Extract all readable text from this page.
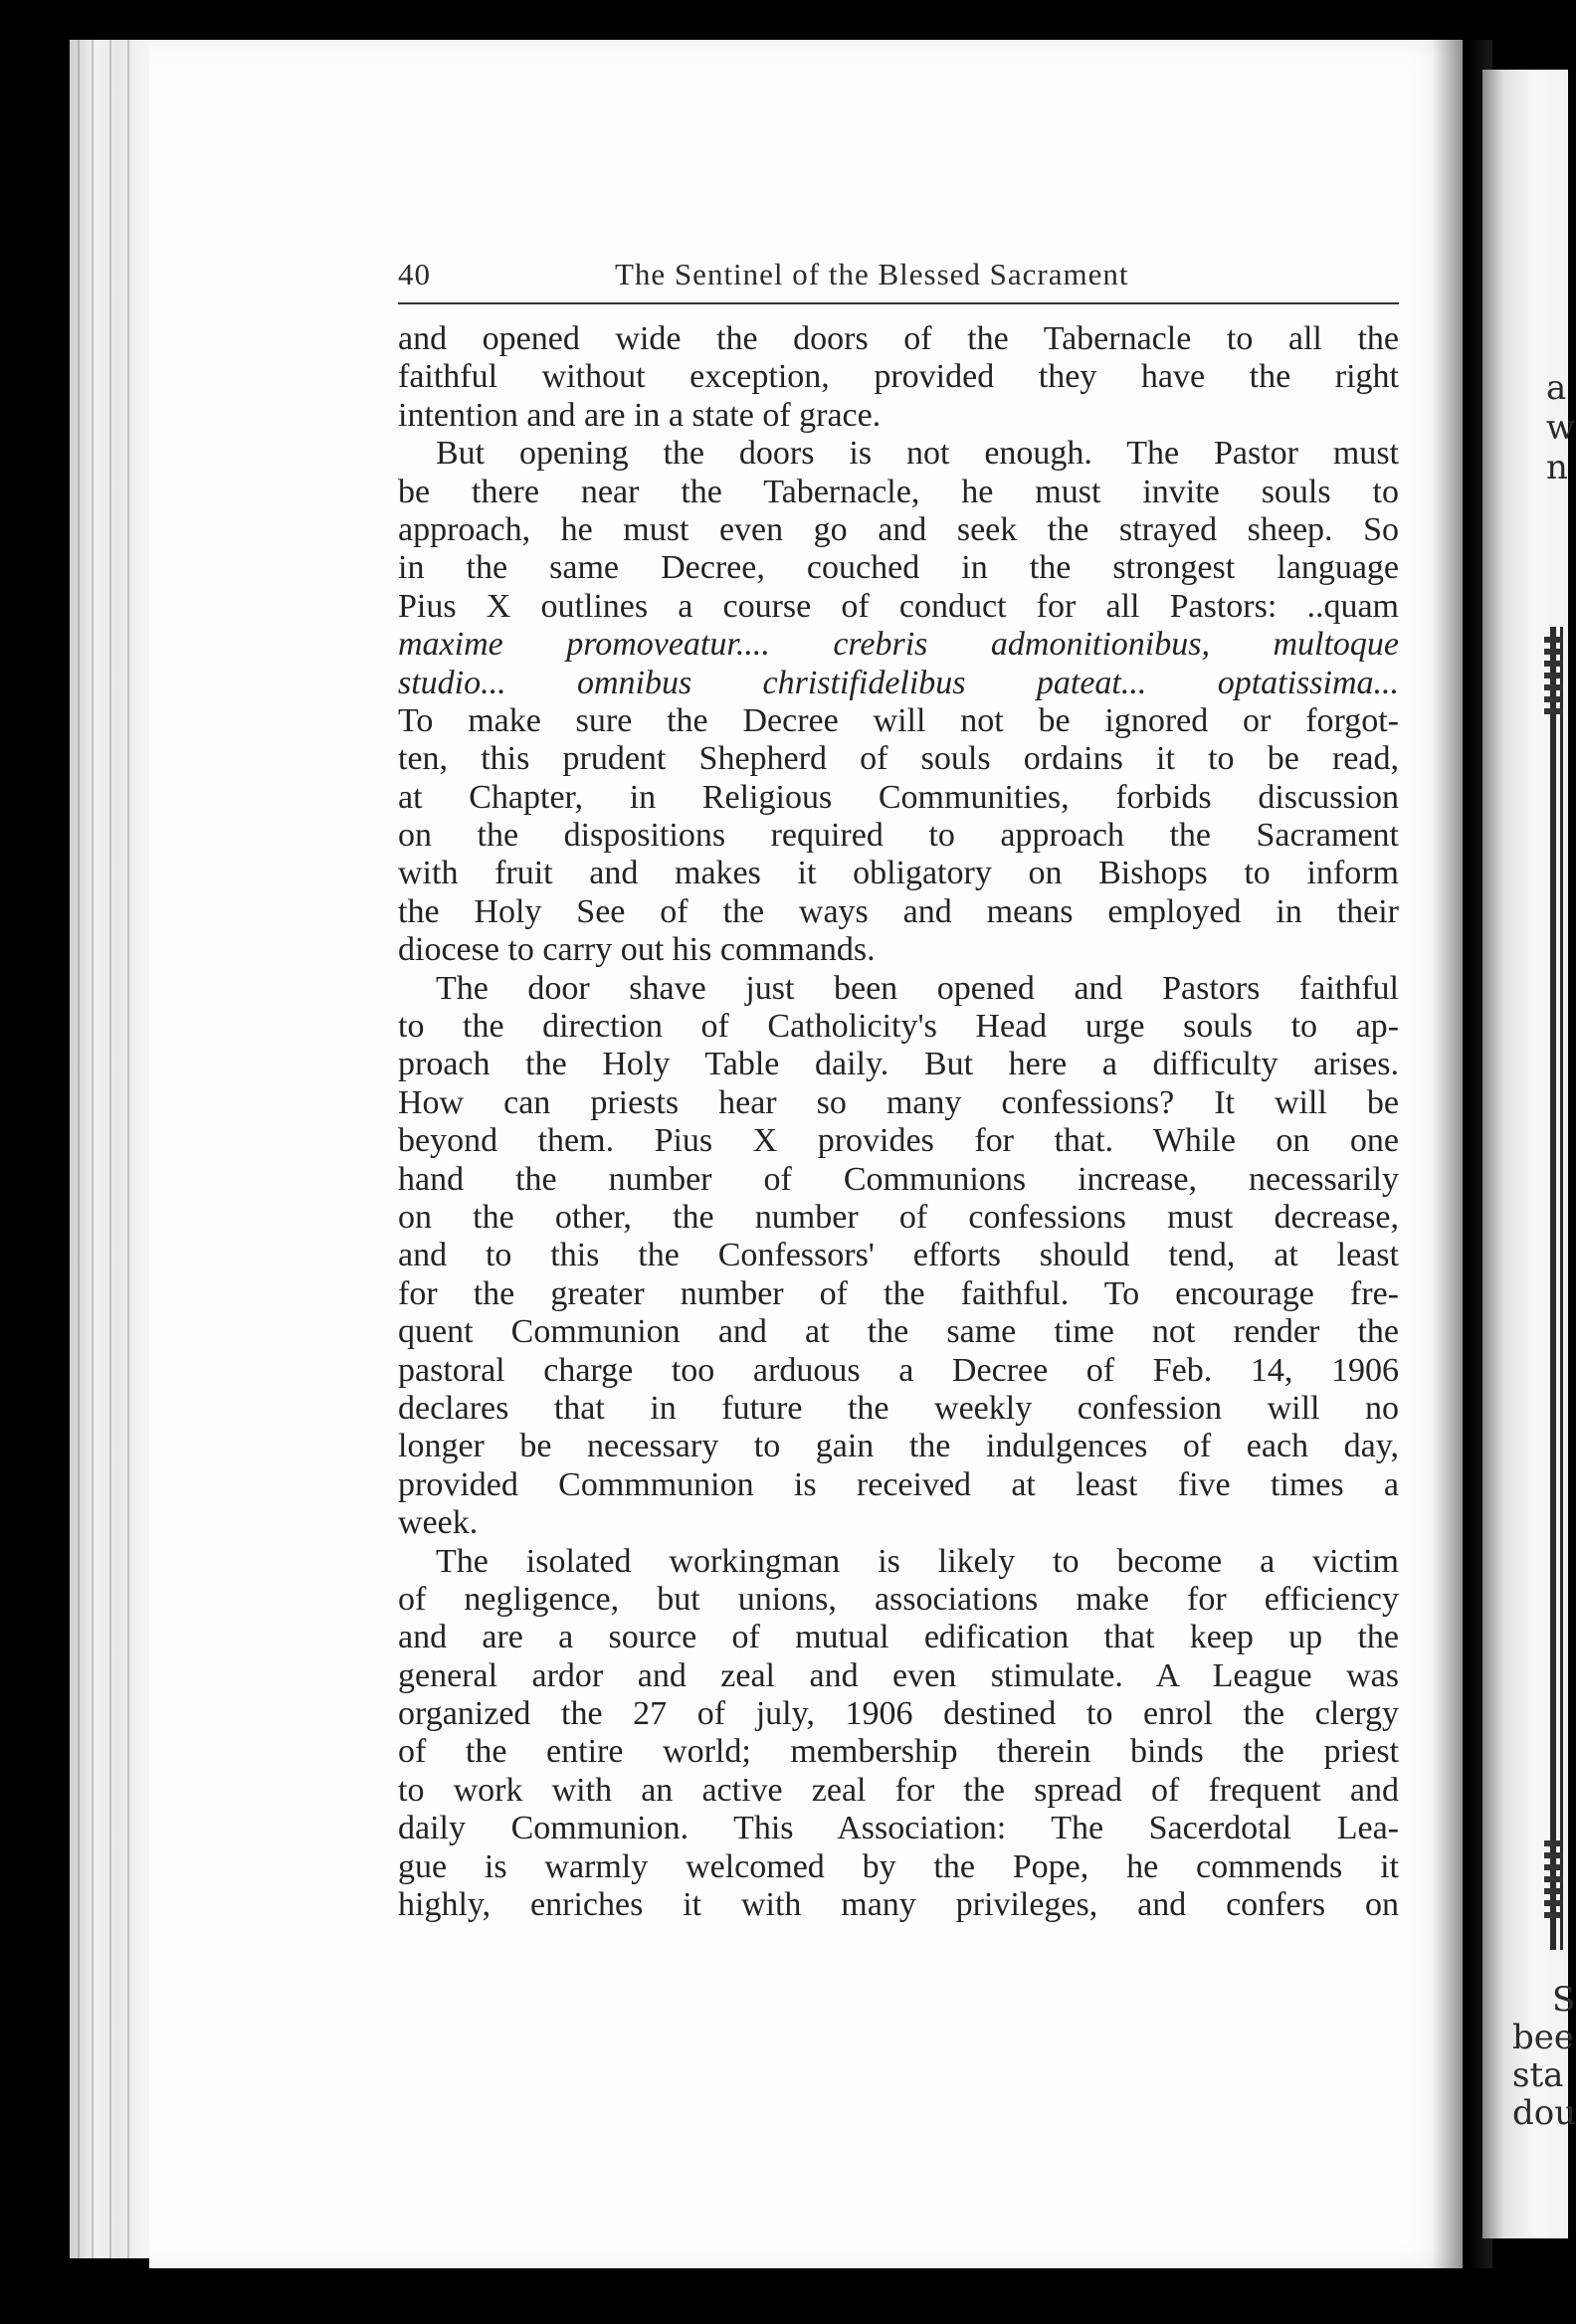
a
w
n
S
bee
sta
dou
40	The Sentinel of the Blessed Sacrament
and opened wide the doors of the Tabernacle to all the
faithful without exception, provided they have the right
intention and are in a state of grace.
But opening the doors is not enough. The Pastor must
be there near the Tabernacle, he must invite souls to
approach, he must even go and seek the strayed sheep. So
in the same Decree, couched in the strongest language
Pius X outlines a course of conduct for all Pastors: ..quam
maxime promoveatur.... crebris admonitionibus, multoque
studio... omnibus christifidelibus pateat... optatissima...
To make sure the Decree will not be ignored or forgot-
ten, this prudent Shepherd of souls ordains it to be read,
at Chapter, in Religious Communities, forbids discussion
on the dispositions required to approach the Sacrament
with fruit and makes it obligatory on Bishops to inform
the Holy See of the ways and means employed in their
diocese to carry out his commands.
The door shave just been opened and Pastors faithful
to the direction of Catholicity's Head urge souls to ap-
proach the Holy Table daily. But here a difficulty arises.
How can priests hear so many confessions? It will be
beyond them. Pius X provides for that. While on one
hand the number of Communions increase, necessarily
on the other, the number of confessions must decrease,
and to this the Confessors' efforts should tend, at least
for the greater number of the faithful. To encourage fre-
quent Communion and at the same time not render the
pastoral charge too arduous a Decree of Feb. 14, 1906
declares that in future the weekly confession will no
longer be necessary to gain the indulgences of each day,
provided Commmunion is received at least five times a
week.
The isolated workingman is likely to become a victim
of negligence, but unions, associations make for efficiency
and are a source of mutual edification that keep up the
general ardor and zeal and even stimulate. A League was
organized the 27 of july, 1906 destined to enrol the clergy
of the entire world; membership therein binds the priest
to work with an active zeal for the spread of frequent and
daily Communion. This Association: The Sacerdotal Lea-
gue is warmly welcomed by the Pope, he commends it
highly, enriches it with many privileges, and confers on
